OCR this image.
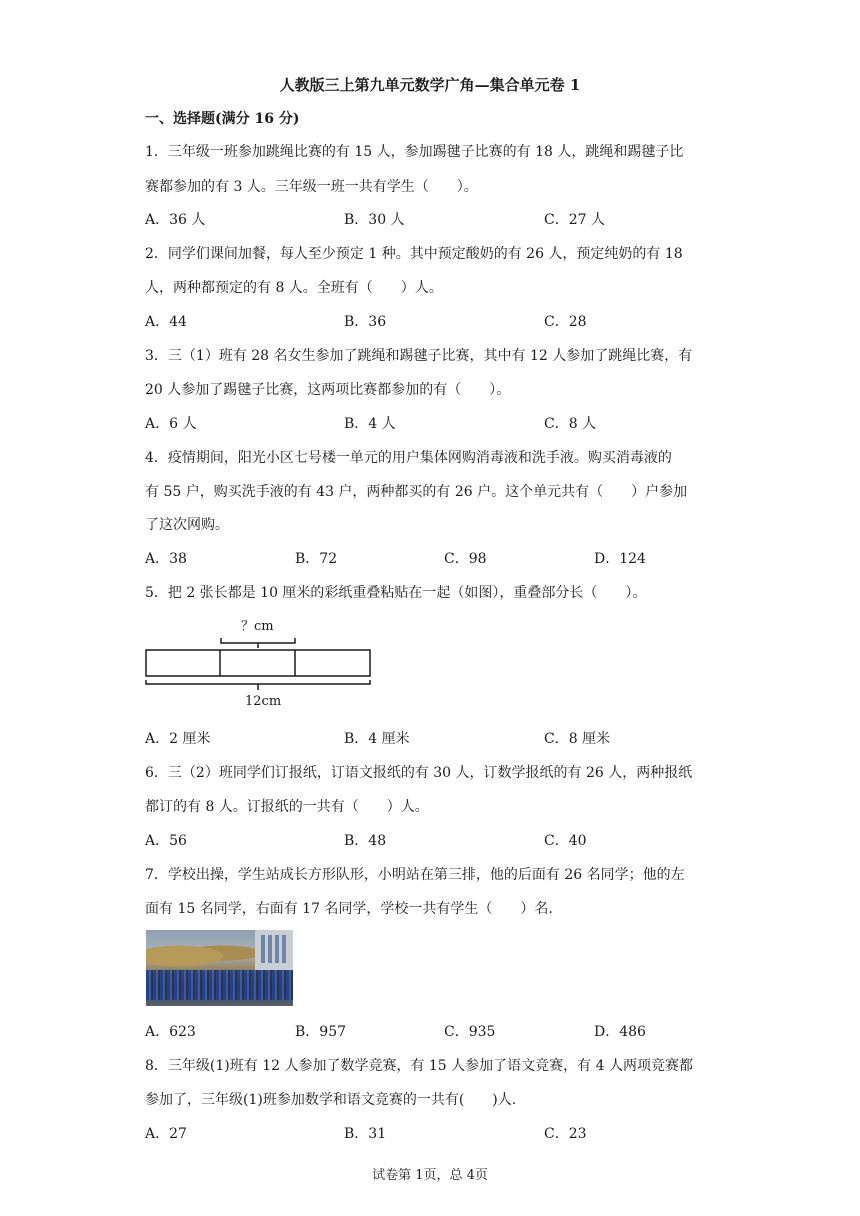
人教版三上第九单元数学广角—集合单元卷 1
一、选择题(满分 16 分)
1．三年级一班参加跳绳比赛的有 15 人，参加踢毽子比赛的有 18 人，跳绳和踢毽子比
赛都参加的有 3 人。三年级一班一共有学生（　　）。
A．36 人	B．30 人	C．27 人
2．同学们课间加餐，每人至少预定 1 种。其中预定酸奶的有 26 人，预定纯奶的有 18
人，两种都预定的有 8 人。全班有（　　）人。
A．44	B．36	C．28
3．三（1）班有 28 名女生参加了跳绳和踢毽子比赛，其中有 12 人参加了跳绳比赛，有
20 人参加了踢毽子比赛，这两项比赛都参加的有（　　）。
A．6 人	B．4 人	C．8 人
4．疫情期间，阳光小区七号楼一单元的用户集体网购消毒液和洗手液。购买消毒液的
有 55 户，购买洗手液的有 43 户，两种都买的有 26 户。这个单元共有（　　）户参加
了这次网购。
A．38	B．72	C．98	D．124
5．把 2 张长都是 10 厘米的彩纸重叠粘贴在一起（如图），重叠部分长（　　）。
？cm
12cm
A．2 厘米	B．4 厘米	C．8 厘米
6．三（2）班同学们订报纸，订语文报纸的有 30 人，订数学报纸的有 26 人，两种报纸
都订的有 8 人。订报纸的一共有（　　）人。
A．56	B．48	C．40
7．学校出操，学生站成长方形队形，小明站在第三排，他的后面有 26 名同学；他的左
面有 15 名同学，右面有 17 名同学，学校一共有学生（　　）名.
A．623	B．957	C．935	D．486
8．三年级(1)班有 12 人参加了数学竞赛，有 15 人参加了语文竞赛，有 4 人两项竞赛都
参加了，三年级(1)班参加数学和语文竞赛的一共有(　　)人.
A．27	B．31	C．23
试卷第 1页，总 4页
